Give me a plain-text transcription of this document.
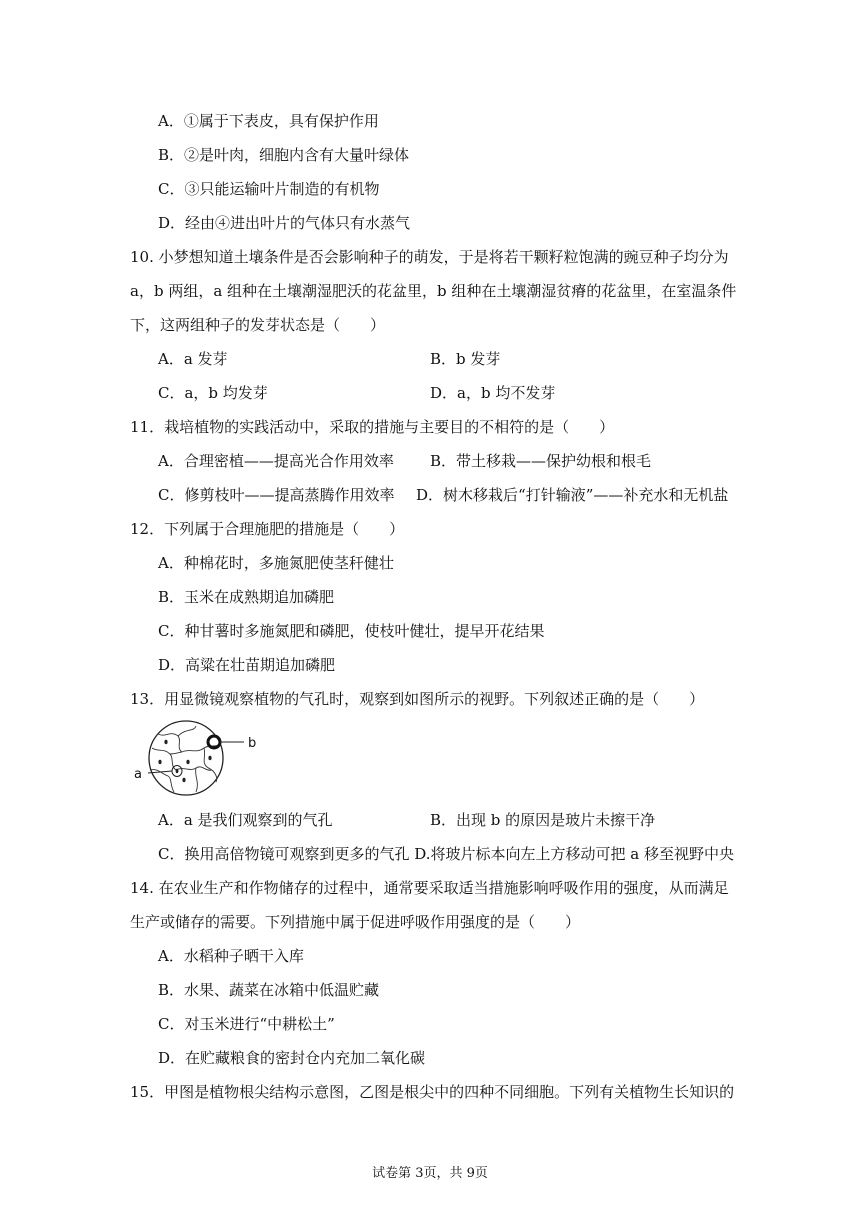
A．①属于下表皮，具有保护作用
B．②是叶肉，细胞内含有大量叶绿体
C．③只能运输叶片制造的有机物
D．经由④进出叶片的气体只有水蒸气
10. 小梦想知道土壤条件是否会影响种子的萌发，于是将若干颗籽粒饱满的豌豆种子均分为
a，b 两组，a 组种在土壤潮湿肥沃的花盆里，b 组种在土壤潮湿贫瘠的花盆里，在室温条件
下，这两组种子的发芽状态是（　　）
A．a 发芽	B．b 发芽
C．a，b 均发芽	D．a，b 均不发芽
11．栽培植物的实践活动中，采取的措施与主要目的不相符的是（　　）
A．合理密植——提高光合作用效率 B．带土移栽——保护幼根和根毛
C．修剪枝叶——提高蒸腾作用效率 D．树木移栽后“打针输液”——补充水和无机盐
12．下列属于合理施肥的措施是（　　）
A．种棉花时，多施氮肥使茎秆健壮
B．玉米在成熟期追加磷肥
C．种甘薯时多施氮肥和磷肥，使枝叶健壮，提早开花结果
D．高粱在壮苗期追加磷肥
13．用显微镜观察植物的气孔时，观察到如图所示的视野。下列叙述正确的是（　　）
b
a
A．a 是我们观察到的气孔	B．出现 b 的原因是玻片未擦干净
C．换用高倍物镜可观察到更多的气孔 D.将玻片标本向左上方移动可把 a 移至视野中央
14. 在农业生产和作物储存的过程中，通常要采取适当措施影响呼吸作用的强度，从而满足
生产或储存的需要。下列措施中属于促进呼吸作用强度的是（　　）
A．水稻种子晒干入库
B．水果、蔬菜在冰箱中低温贮藏
C．对玉米进行“中耕松土”
D．在贮藏粮食的密封仓内充加二氧化碳
15．甲图是植物根尖结构示意图，乙图是根尖中的四种不同细胞。下列有关植物生长知识的
试卷第 3页，共 9页
